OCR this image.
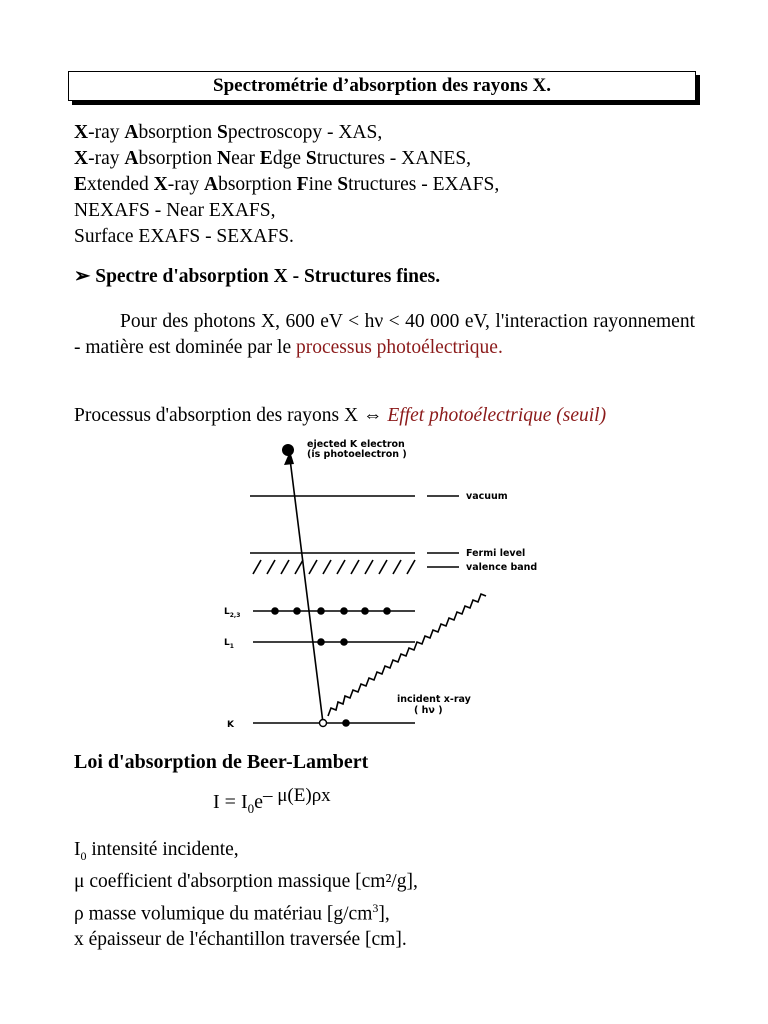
Spectrométrie d’absorption des rayons X.
X-ray Absorption Spectroscopy - XAS,
X-ray Absorption Near Edge Structures - XANES,
Extended X-ray Absorption Fine Structures - EXAFS,
NEXAFS - Near EXAFS,
Surface EXAFS - SEXAFS.
➢ Spectre d'absorption X - Structures fines.
Pour des photons X, 600 eV < hν < 40 000 eV, l'interaction rayonnement - matière est dominée par le processus photoélectrique.
Processus d'absorption des rayons X ⇔ Effet photoélectrique (seuil)
ejected K electron
(is photoelectron )
vacuum
Fermi level
valence band
$L_{2,3}$
$L_1$
K
incident x-ray
( hν )
Loi d'absorption de Beer-Lambert
$I = I_0e-$ μ(E)ρx
$I_0$ intensité incidente,
μ coefficient d'absorption massique [cm²/g],
ρ masse volumique du matériau $[g/cm^3]$,
x épaisseur de l'échantillon traversée [cm].
